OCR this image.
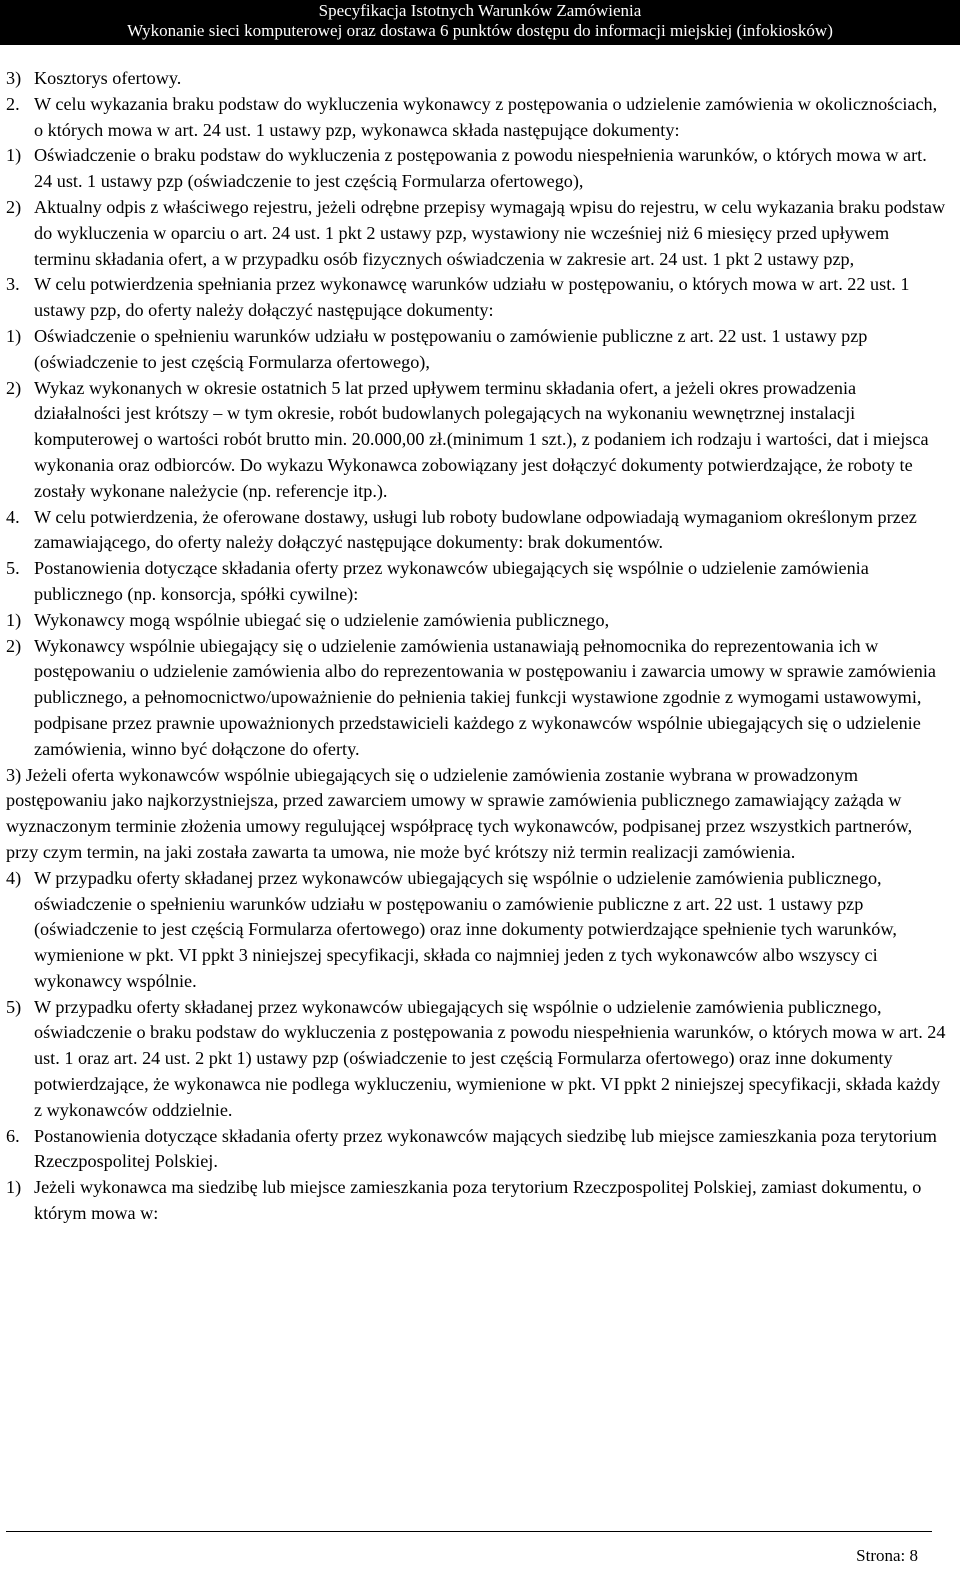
Specyfikacja Istotnych Warunków Zamówienia
Wykonanie sieci komputerowej oraz dostawa 6 punktów dostępu do informacji miejskiej (infokiosków)
3) Kosztorys ofertowy.
2. W celu wykazania braku podstaw do wykluczenia wykonawcy z postępowania o udzielenie zamówienia w okolicznościach, o których mowa w art. 24 ust. 1 ustawy pzp, wykonawca składa następujące dokumenty:
1) Oświadczenie o braku podstaw do wykluczenia z postępowania z powodu niespełnienia warunków, o których mowa w art. 24 ust. 1 ustawy pzp (oświadczenie to jest częścią Formularza ofertowego),
2) Aktualny odpis z właściwego rejestru, jeżeli odrębne przepisy wymagają wpisu do rejestru, w celu wykazania braku podstaw do wykluczenia w oparciu o art. 24 ust. 1 pkt 2 ustawy pzp, wystawiony nie wcześniej niż 6 miesięcy przed upływem terminu składania ofert, a w przypadku osób fizycznych oświadczenia w zakresie art. 24 ust. 1 pkt 2 ustawy pzp,
3. W celu potwierdzenia spełniania przez wykonawcę warunków udziału w postępowaniu, o których mowa w art. 22 ust. 1 ustawy pzp, do oferty należy dołączyć następujące dokumenty:
1) Oświadczenie o spełnieniu warunków udziału w postępowaniu o zamówienie publiczne z art. 22 ust. 1 ustawy pzp (oświadczenie to jest częścią Formularza ofertowego),
2) Wykaz wykonanych w okresie ostatnich 5 lat przed upływem terminu składania ofert, a jeżeli okres prowadzenia działalności jest krótszy – w tym okresie, robót budowlanych polegających na wykonaniu wewnętrznej instalacji komputerowej o wartości robót brutto min. 20.000,00 zł.(minimum 1 szt.), z podaniem ich rodzaju i wartości, dat i miejsca wykonania oraz odbiorców. Do wykazu Wykonawca zobowiązany jest dołączyć dokumenty potwierdzające, że roboty te zostały wykonane należycie (np. referencje itp.).
4. W celu potwierdzenia, że oferowane dostawy, usługi lub roboty budowlane odpowiadają wymaganiom określonym przez zamawiającego, do oferty należy dołączyć następujące dokumenty: brak dokumentów.
5. Postanowienia dotyczące składania oferty przez wykonawców ubiegających się wspólnie o udzielenie zamówienia publicznego (np. konsorcja, spółki cywilne):
1) Wykonawcy mogą wspólnie ubiegać się o udzielenie zamówienia publicznego,
2) Wykonawcy wspólnie ubiegający się o udzielenie zamówienia ustanawiają pełnomocnika do reprezentowania ich w postępowaniu o udzielenie zamówienia albo do reprezentowania w postępowaniu i zawarcia umowy w sprawie zamówienia publicznego, a pełnomocnictwo/upoważnienie do pełnienia takiej funkcji wystawione zgodnie z wymogami ustawowymi, podpisane przez prawnie upoważnionych przedstawicieli każdego z wykonawców wspólnie ubiegających się o udzielenie zamówienia, winno być dołączone do oferty.
3) Jeżeli oferta wykonawców wspólnie ubiegających się o udzielenie zamówienia zostanie wybrana w prowadzonym postępowaniu jako najkorzystniejsza, przed zawarciem umowy w sprawie zamówienia publicznego zamawiający zażąda w wyznaczonym terminie złożenia umowy regulującej współpracę tych wykonawców, podpisanej przez wszystkich partnerów, przy czym termin, na jaki została zawarta ta umowa, nie może być krótszy niż termin realizacji zamówienia.
4) W przypadku oferty składanej przez wykonawców ubiegających się wspólnie o udzielenie zamówienia publicznego, oświadczenie o spełnieniu warunków udziału w postępowaniu o zamówienie publiczne z art. 22 ust. 1 ustawy pzp (oświadczenie to jest częścią Formularza ofertowego) oraz inne dokumenty potwierdzające spełnienie tych warunków, wymienione w pkt. VI ppkt 3 niniejszej specyfikacji, składa co najmniej jeden z tych wykonawców albo wszyscy ci wykonawcy wspólnie.
5) W przypadku oferty składanej przez wykonawców ubiegających się wspólnie o udzielenie zamówienia publicznego, oświadczenie o braku podstaw do wykluczenia z postępowania z powodu niespełnienia warunków, o których mowa w art. 24 ust. 1 oraz art. 24 ust. 2 pkt 1) ustawy pzp (oświadczenie to jest częścią Formularza ofertowego) oraz inne dokumenty potwierdzające, że wykonawca nie podlega wykluczeniu, wymienione w pkt. VI ppkt 2 niniejszej specyfikacji, składa każdy z wykonawców oddzielnie.
6. Postanowienia dotyczące składania oferty przez wykonawców mających siedzibę lub miejsce zamieszkania poza terytorium Rzeczpospolitej Polskiej.
1) Jeżeli wykonawca ma siedzibę lub miejsce zamieszkania poza terytorium Rzeczpospolitej Polskiej, zamiast dokumentu, o którym mowa w:
Strona: 8
